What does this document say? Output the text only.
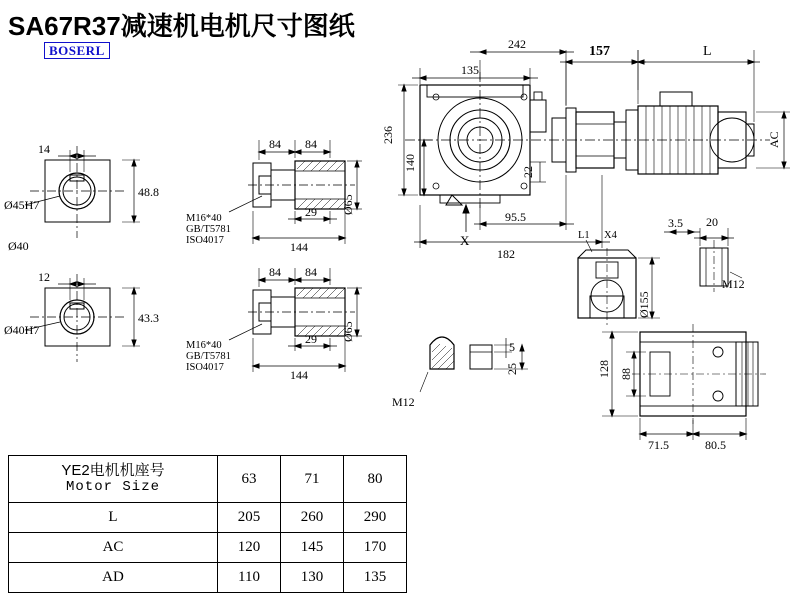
SA67R37减速机电机尺寸图纸
BOSERL
14
Ø45H7
Ø40
48.8
12
Ø40H7
43.3
84 84
29
144
Ø65
M16*40
GB/T5781
ISO4017
84 84
29
144
Ø65
M16*40
GB/T5781
ISO4017
242
135
157	L
236
140	22
AC
X
95.5
182
L1 X4
3.5
Ø155
20
M12
5
25
M12
128 88
71.5	80.5
YE2电机机座号
Motor Size	63	71	80
L	205	260	290
AC	120	145	170
AD	110	130	135
